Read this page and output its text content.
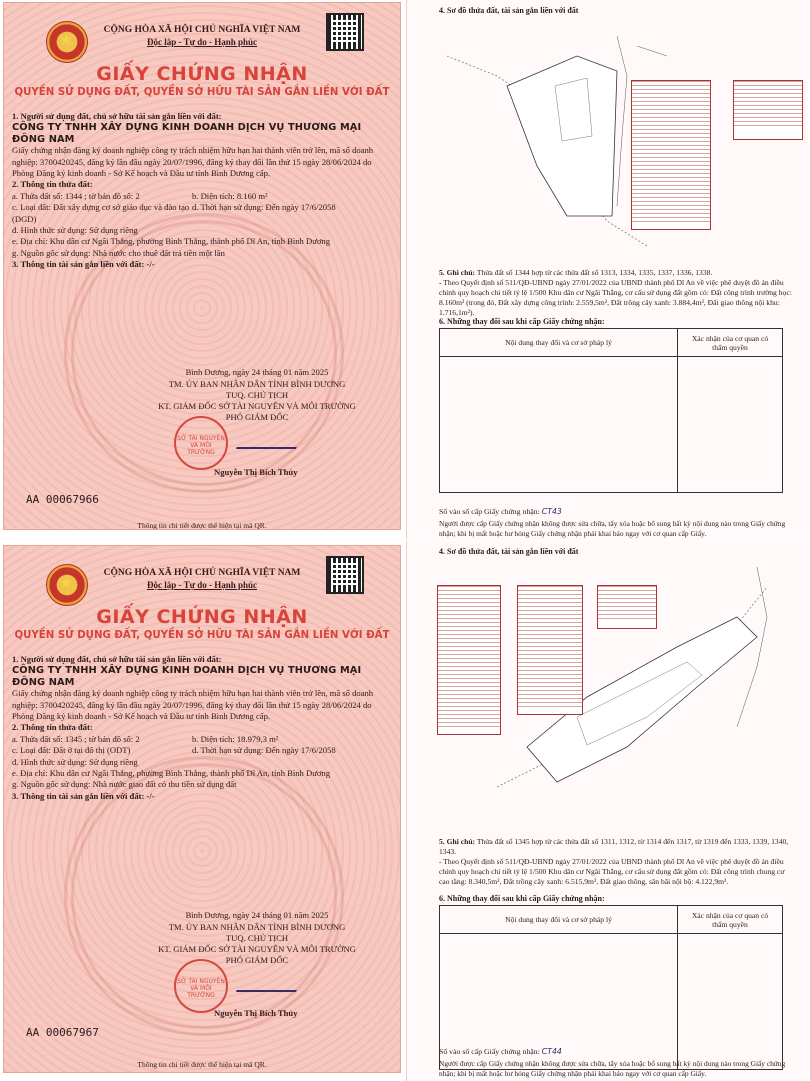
★	CỘNG HÒA XÃ HỘI CHỦ NGHĨA VIỆT NAM
Độc lập - Tự do - Hạnh phúc
GIẤY CHỨNG NHẬN
QUYỀN SỬ DỤNG ĐẤT, QUYỀN SỞ HỮU TÀI SẢN GẮN LIỀN VỚI ĐẤT
1. Người sử dụng đất, chủ sở hữu tài sản gắn liền với đất:
CÔNG TY TNHH XÂY DỰNG KINH DOANH DỊCH VỤ THƯƠNG MẠI ĐÔNG NAM
Giấy chứng nhận đăng ký doanh nghiệp công ty trách nhiệm hữu hạn hai thành viên trở lên, mã số doanh nghiệp: 3700420245, đăng ký lần đầu ngày 20/07/1996, đăng ký thay đổi lần thứ 15 ngày 28/06/2024 do Phòng Đăng ký kinh doanh - Sở Kế hoạch và Đầu tư tỉnh Bình Dương cấp.
2. Thông tin thửa đất:
a. Thửa đất số: 1344 ; tờ bản đồ số: 2	b. Diện tích: 8.160 m²
c. Loại đất: Đất xây dựng cơ sở giáo dục và đào tạo (DGD)
d. Thời hạn sử dụng: Đến ngày 17/6/2058
đ. Hình thức sử dụng: Sử dụng riêng
e. Địa chỉ: Khu dân cư Ngãi Thắng, phường Bình Thắng, thành phố Dĩ An, tỉnh Bình Dương
g. Nguồn gốc sử dụng: Nhà nước cho thuê đất trả tiền một lần
3. Thông tin tài sản gắn liền với đất: -/-
Bình Dương, ngày 24 tháng 01 năm 2025
TM. ỦY BAN NHÂN DÂN TỈNH BÌNH DƯƠNG
TUQ. CHỦ TỊCH
KT. GIÁM ĐỐC SỞ TÀI NGUYÊN VÀ MÔI TRƯỜNG
PHÓ GIÁM ĐỐC
SỞ TÀI NGUYÊN VÀ MÔI TRƯỜNG
Nguyễn Thị Bích Thủy
AA 00067966
Thông tin chi tiết được thể hiện tại mã QR.
★	CỘNG HÒA XÃ HỘI CHỦ NGHĨA VIỆT NAM
Độc lập - Tự do - Hạnh phúc
GIẤY CHỨNG NHẬN
QUYỀN SỬ DỤNG ĐẤT, QUYỀN SỞ HỮU TÀI SẢN GẮN LIỀN VỚI ĐẤT
1. Người sử dụng đất, chủ sở hữu tài sản gắn liền với đất:
CÔNG TY TNHH XÂY DỰNG KINH DOANH DỊCH VỤ THƯƠNG MẠI ĐÔNG NAM
Giấy chứng nhận đăng ký doanh nghiệp công ty trách nhiệm hữu hạn hai thành viên trở lên, mã số doanh nghiệp: 3700420245, đăng ký lần đầu ngày 20/07/1996, đăng ký thay đổi lần thứ 15 ngày 28/06/2024 do Phòng Đăng ký kinh doanh - Sở Kế hoạch và Đầu tư tỉnh Bình Dương cấp.
2. Thông tin thửa đất:
a. Thửa đất số: 1345 ; tờ bản đồ số: 2	b. Diện tích: 18.979,3 m²
c. Loại đất: Đất ở tại đô thị (ODT)	d. Thời hạn sử dụng: Đến ngày 17/6/2058
đ. Hình thức sử dụng: Sử dụng riêng
e. Địa chỉ: Khu dân cư Ngãi Thắng, phường Bình Thắng, thành phố Dĩ An, tỉnh Bình Dương
g. Nguồn gốc sử dụng: Nhà nước giao đất có thu tiền sử dụng đất
3. Thông tin tài sản gắn liền với đất: -/-
Bình Dương, ngày 24 tháng 01 năm 2025
TM. ỦY BAN NHÂN DÂN TỈNH BÌNH DƯƠNG
TUQ. CHỦ TỊCH
KT. GIÁM ĐỐC SỞ TÀI NGUYÊN VÀ MÔI TRƯỜNG
PHÓ GIÁM ĐỐC
SỞ TÀI NGUYÊN VÀ MÔI TRƯỜNG
Nguyễn Thị Bích Thủy
AA 00067967
Thông tin chi tiết được thể hiện tại mã QR.
4. Sơ đồ thửa đất, tài sản gắn liền với đất
5. Ghi chú: Thửa đất số 1344 hợp từ các thửa đất số 1313, 1334, 1335, 1337, 1336, 1338.
- Theo Quyết định số 511/QĐ-UBND ngày 27/01/2022 của UBND thành phố Dĩ An về việc phê duyệt đồ án điều chỉnh quy hoạch chi tiết tỷ lệ 1/500 Khu dân cư Ngãi Thắng, cơ cấu sử dụng đất gồm có: Đất công trình trường học: 8.160m² (trong đó, Đất xây dựng công trình: 2.559,5m², Đất trồng cây xanh: 3.884,4m², Đất giao thông nội khu: 1.716,1m²).
6. Những thay đổi sau khi cấp Giấy chứng nhận:
Nội dung thay đổi và cơ sở pháp lý	Xác nhận của cơ quan có thẩm quyền
Số vào sổ cấp Giấy chứng nhận: CT43
Người được cấp Giấy chứng nhận không được sửa chữa, tẩy xóa hoặc bổ sung bất kỳ nội dung nào trong Giấy chứng nhận; khi bị mất hoặc hư hỏng Giấy chứng nhận phải khai báo ngay với cơ quan cấp Giấy.
4. Sơ đồ thửa đất, tài sản gắn liền với đất
5. Ghi chú: Thửa đất số 1345 hợp từ các thửa đất số 1311, 1312, từ 1314 đến 1317, từ 1319 đến 1333, 1339, 1340, 1343.
- Theo Quyết định số 511/QĐ-UBND ngày 27/01/2022 của UBND thành phố Dĩ An về việc phê duyệt đồ án điều chỉnh quy hoạch chi tiết tỷ lệ 1/500 Khu dân cư Ngãi Thắng, cơ cấu sử dụng đất gồm có: Đất công trình chung cư cao tầng: 8.340,5m², Đất trồng cây xanh: 6.515,9m², Đất giao thông, sân bãi nội bộ: 4.122,9m².
6. Những thay đổi sau khi cấp Giấy chứng nhận:
Nội dung thay đổi và cơ sở pháp lý	Xác nhận của cơ quan có thẩm quyền
Số vào sổ cấp Giấy chứng nhận: CT44
Người được cấp Giấy chứng nhận không được sửa chữa, tẩy xóa hoặc bổ sung bất kỳ nội dung nào trong Giấy chứng nhận; khi bị mất hoặc hư hỏng Giấy chứng nhận phải khai báo ngay với cơ quan cấp Giấy.
